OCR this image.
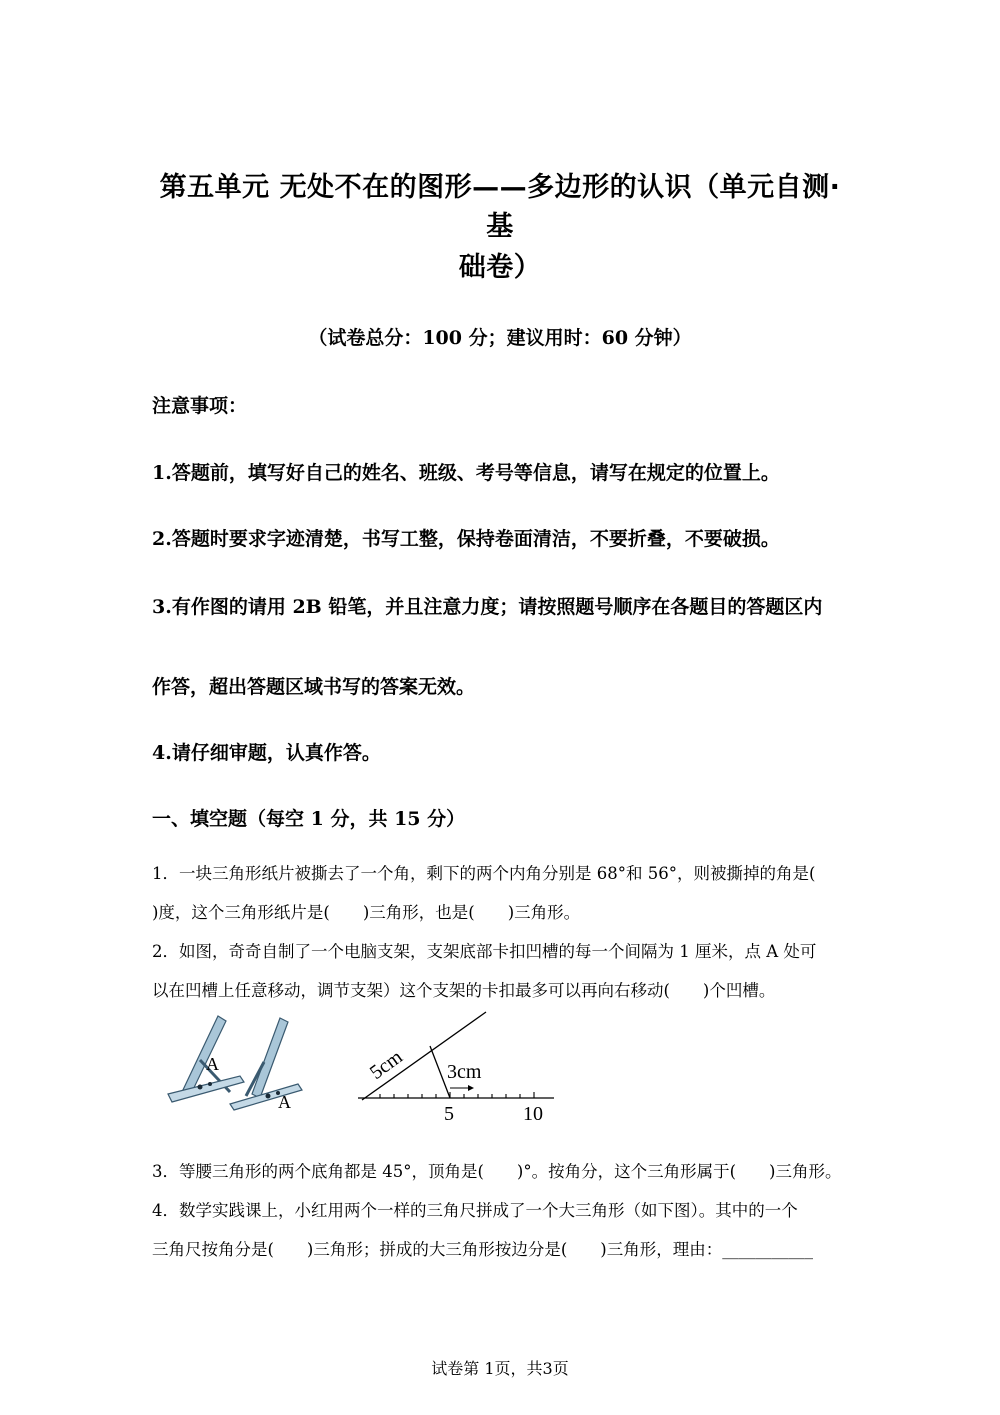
第五单元 无处不在的图形——多边形的认识（单元自测·基
础卷）
（试卷总分：100 分；建议用时：60 分钟）
注意事项：
1.答题前，填写好自己的姓名、班级、考号等信息，请写在规定的位置上。
2.答题时要求字迹清楚，书写工整，保持卷面清洁，不要折叠，不要破损。
3.有作图的请用 2B 铅笔，并且注意力度；请按照题号顺序在各题目的答题区内
作答，超出答题区域书写的答案无效。
4.请仔细审题，认真作答。
一、填空题（每空 1 分，共 15 分）
1．一块三角形纸片被撕去了一个角，剩下的两个内角分别是 68°和 56°，则被撕掉的角是(
)度，这个三角形纸片是(　　)三角形，也是(　　)三角形。
2．如图，奇奇自制了一个电脑支架，支架底部卡扣凹槽的每一个间隔为 1 厘米，点 A 处可
以在凹槽上任意移动，调节支架）这个支架的卡扣最多可以再向右移动(　　)个凹槽。
A
A
5cm 3cm
5	10
3．等腰三角形的两个底角都是 45°，顶角是(　　)°。按角分，这个三角形属于(　　)三角形。
4．数学实践课上，小红用两个一样的三角尺拼成了一个大三角形（如下图）。其中的一个
三角尺按角分是(　　)三角形；拼成的大三角形按边分是(　　)三角形，理由：___________
试卷第 1页，共3页
